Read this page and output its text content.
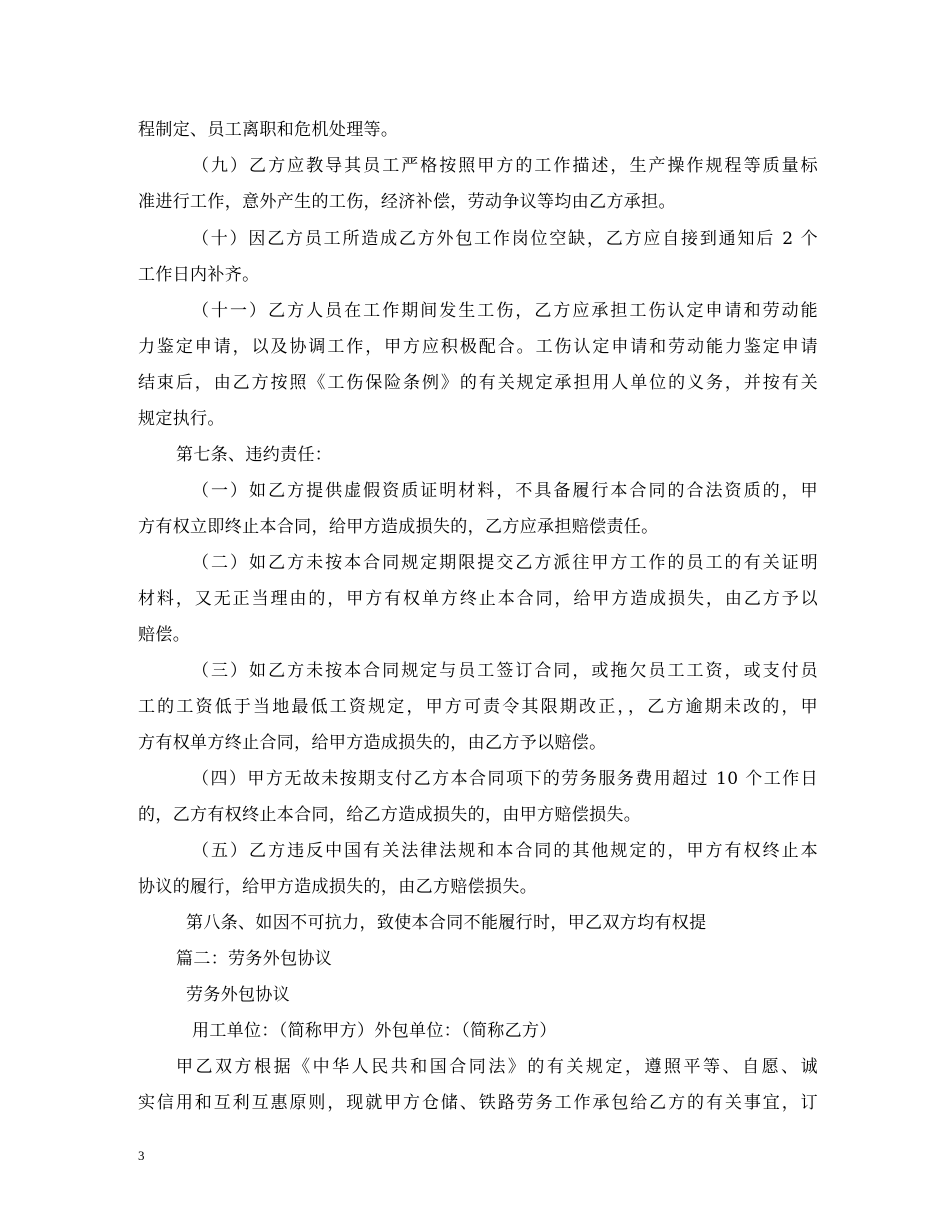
程制定、员工离职和危机处理等。
（九）乙方应教导其员工严格按照甲方的工作描述，生产操作规程等质量标
准进行工作，意外产生的工伤，经济补偿，劳动争议等均由乙方承担。
（十）因乙方员工所造成乙方外包工作岗位空缺，乙方应自接到通知后 2 个
工作日内补齐。
（十一）乙方人员在工作期间发生工伤，乙方应承担工伤认定申请和劳动能
力鉴定申请，以及协调工作，甲方应积极配合。工伤认定申请和劳动能力鉴定申请
结束后，由乙方按照《工伤保险条例》的有关规定承担用人单位的义务，并按有关
规定执行。
第七条、违约责任：
（一）如乙方提供虚假资质证明材料，不具备履行本合同的合法资质的，甲
方有权立即终止本合同，给甲方造成损失的，乙方应承担赔偿责任。
（二）如乙方未按本合同规定期限提交乙方派往甲方工作的员工的有关证明
材料，又无正当理由的，甲方有权单方终止本合同，给甲方造成损失，由乙方予以
赔偿。
（三）如乙方未按本合同规定与员工签订合同，或拖欠员工工资，或支付员
工的工资低于当地最低工资规定，甲方可责令其限期改正，，乙方逾期未改的，甲
方有权单方终止合同，给甲方造成损失的，由乙方予以赔偿。
（四）甲方无故未按期支付乙方本合同项下的劳务服务费用超过 10 个工作日
的，乙方有权终止本合同，给乙方造成损失的，由甲方赔偿损失。
（五）乙方违反中国有关法律法规和本合同的其他规定的，甲方有权终止本
协议的履行，给甲方造成损失的，由乙方赔偿损失。
第八条、如因不可抗力，致使本合同不能履行时，甲乙双方均有权提
篇二：劳务外包协议
劳务外包协议
用工单位：（简称甲方）外包单位：（简称乙方）
甲乙双方根据《中华人民共和国合同法》的有关规定，遵照平等、自愿、诚
实信用和互利互惠原则，现就甲方仓储、铁路劳务工作承包给乙方的有关事宜，订
3
